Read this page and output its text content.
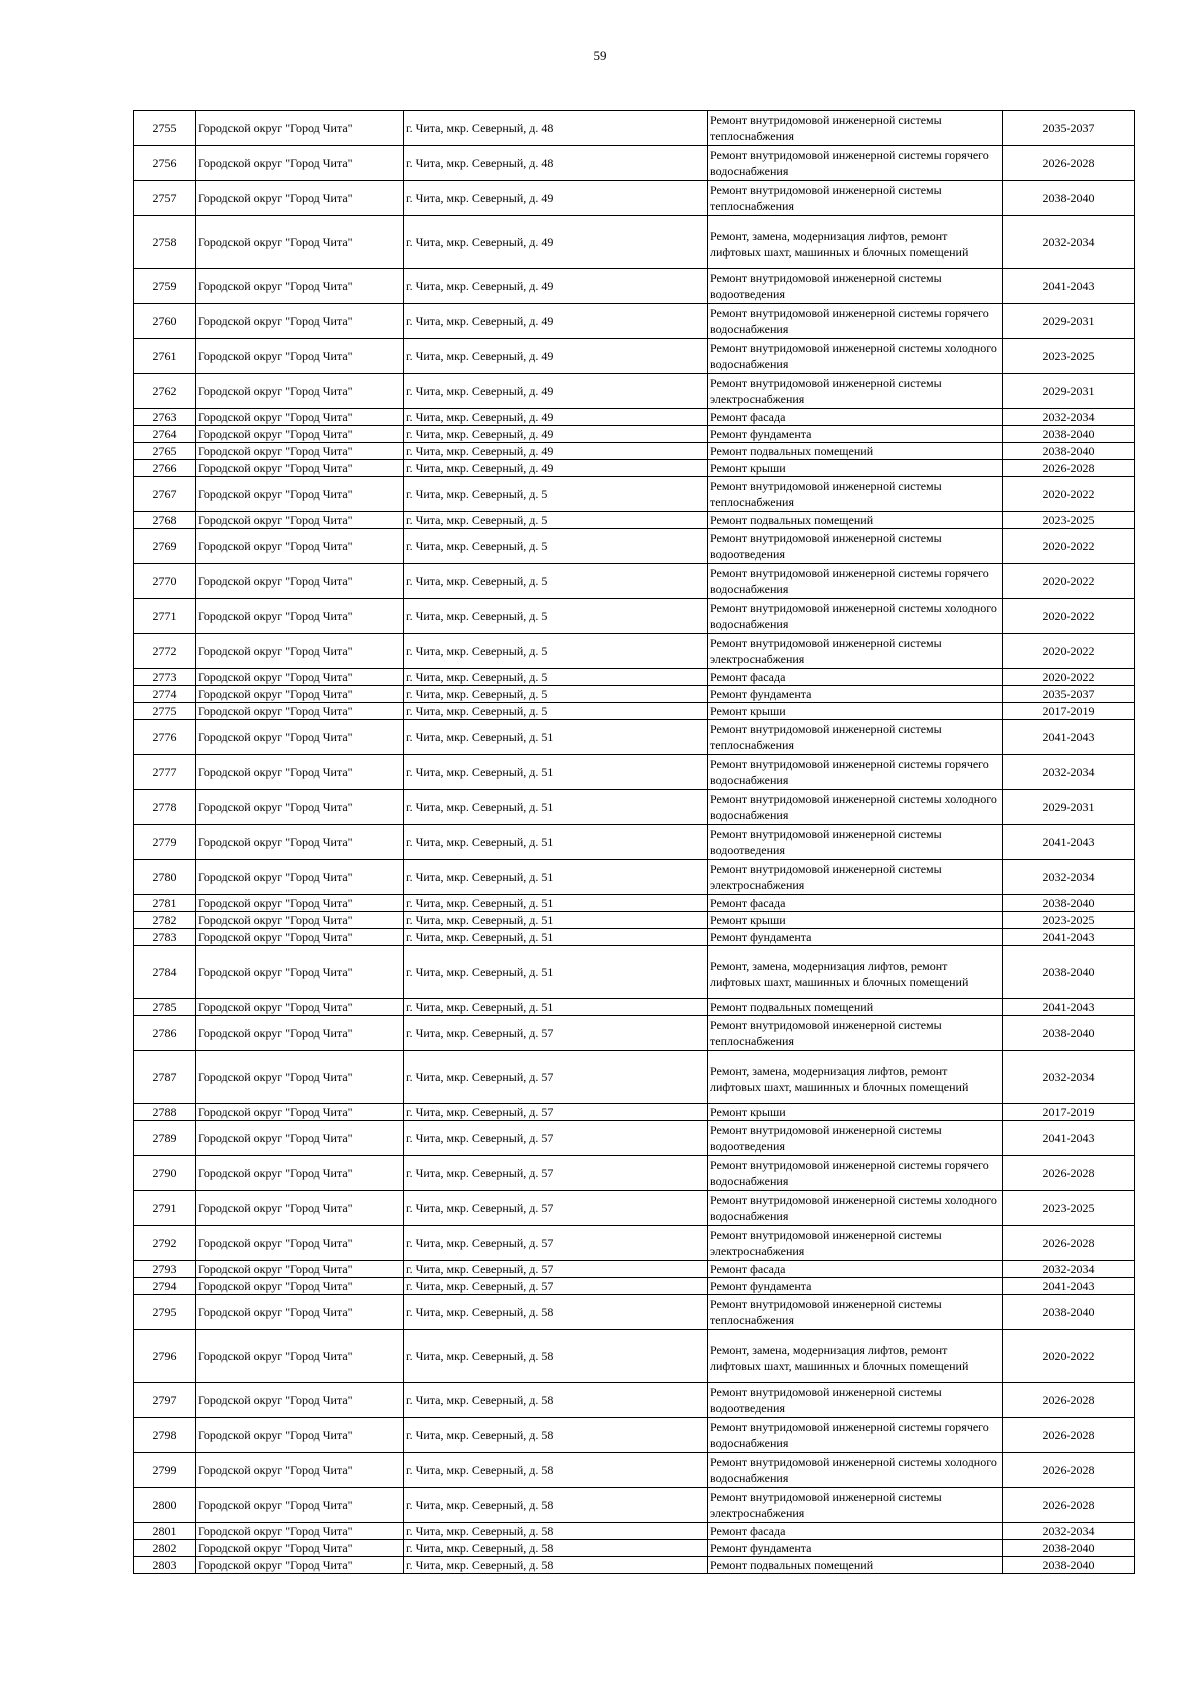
59
2755	Городской округ "Город Чита"	г. Чита, мкр. Северный, д. 48	Ремонт внутридомовой инженерной системы теплоснабжения	2035-2037
2756	Городской округ "Город Чита"	г. Чита, мкр. Северный, д. 48	Ремонт внутридомовой инженерной системы горячего водоснабжения	2026-2028
2757	Городской округ "Город Чита"	г. Чита, мкр. Северный, д. 49	Ремонт внутридомовой инженерной системы теплоснабжения	2038-2040
2758	Городской округ "Город Чита"	г. Чита, мкр. Северный, д. 49	Ремонт, замена, модернизация лифтов, ремонт лифтовых шахт, машинных и блочных помещений	2032-2034
2759	Городской округ "Город Чита"	г. Чита, мкр. Северный, д. 49	Ремонт внутридомовой инженерной системы водоотведения	2041-2043
2760	Городской округ "Город Чита"	г. Чита, мкр. Северный, д. 49	Ремонт внутридомовой инженерной системы горячего водоснабжения	2029-2031
2761	Городской округ "Город Чита"	г. Чита, мкр. Северный, д. 49	Ремонт внутридомовой инженерной системы холодного водоснабжения	2023-2025
2762	Городской округ "Город Чита"	г. Чита, мкр. Северный, д. 49	Ремонт внутридомовой инженерной системы электроснабжения	2029-2031
2763	Городской округ "Город Чита"	г. Чита, мкр. Северный, д. 49	Ремонт фасада	2032-2034
2764	Городской округ "Город Чита"	г. Чита, мкр. Северный, д. 49	Ремонт фундамента	2038-2040
2765	Городской округ "Город Чита"	г. Чита, мкр. Северный, д. 49	Ремонт подвальных помещений	2038-2040
2766	Городской округ "Город Чита"	г. Чита, мкр. Северный, д. 49	Ремонт крыши	2026-2028
2767	Городской округ "Город Чита"	г. Чита, мкр. Северный, д. 5	Ремонт внутридомовой инженерной системы теплоснабжения	2020-2022
2768	Городской округ "Город Чита"	г. Чита, мкр. Северный, д. 5	Ремонт подвальных помещений	2023-2025
2769	Городской округ "Город Чита"	г. Чита, мкр. Северный, д. 5	Ремонт внутридомовой инженерной системы водоотведения	2020-2022
2770	Городской округ "Город Чита"	г. Чита, мкр. Северный, д. 5	Ремонт внутридомовой инженерной системы горячего водоснабжения	2020-2022
2771	Городской округ "Город Чита"	г. Чита, мкр. Северный, д. 5	Ремонт внутридомовой инженерной системы холодного водоснабжения	2020-2022
2772	Городской округ "Город Чита"	г. Чита, мкр. Северный, д. 5	Ремонт внутридомовой инженерной системы электроснабжения	2020-2022
2773	Городской округ "Город Чита"	г. Чита, мкр. Северный, д. 5	Ремонт фасада	2020-2022
2774	Городской округ "Город Чита"	г. Чита, мкр. Северный, д. 5	Ремонт фундамента	2035-2037
2775	Городской округ "Город Чита"	г. Чита, мкр. Северный, д. 5	Ремонт крыши	2017-2019
2776	Городской округ "Город Чита"	г. Чита, мкр. Северный, д. 51	Ремонт внутридомовой инженерной системы теплоснабжения	2041-2043
2777	Городской округ "Город Чита"	г. Чита, мкр. Северный, д. 51	Ремонт внутридомовой инженерной системы горячего водоснабжения	2032-2034
2778	Городской округ "Город Чита"	г. Чита, мкр. Северный, д. 51	Ремонт внутридомовой инженерной системы холодного водоснабжения	2029-2031
2779	Городской округ "Город Чита"	г. Чита, мкр. Северный, д. 51	Ремонт внутридомовой инженерной системы водоотведения	2041-2043
2780	Городской округ "Город Чита"	г. Чита, мкр. Северный, д. 51	Ремонт внутридомовой инженерной системы электроснабжения	2032-2034
2781	Городской округ "Город Чита"	г. Чита, мкр. Северный, д. 51	Ремонт фасада	2038-2040
2782	Городской округ "Город Чита"	г. Чита, мкр. Северный, д. 51	Ремонт крыши	2023-2025
2783	Городской округ "Город Чита"	г. Чита, мкр. Северный, д. 51	Ремонт фундамента	2041-2043
2784	Городской округ "Город Чита"	г. Чита, мкр. Северный, д. 51	Ремонт, замена, модернизация лифтов, ремонт лифтовых шахт, машинных и блочных помещений	2038-2040
2785	Городской округ "Город Чита"	г. Чита, мкр. Северный, д. 51	Ремонт подвальных помещений	2041-2043
2786	Городской округ "Город Чита"	г. Чита, мкр. Северный, д. 57	Ремонт внутридомовой инженерной системы теплоснабжения	2038-2040
2787	Городской округ "Город Чита"	г. Чита, мкр. Северный, д. 57	Ремонт, замена, модернизация лифтов, ремонт лифтовых шахт, машинных и блочных помещений	2032-2034
2788	Городской округ "Город Чита"	г. Чита, мкр. Северный, д. 57	Ремонт крыши	2017-2019
2789	Городской округ "Город Чита"	г. Чита, мкр. Северный, д. 57	Ремонт внутридомовой инженерной системы водоотведения	2041-2043
2790	Городской округ "Город Чита"	г. Чита, мкр. Северный, д. 57	Ремонт внутридомовой инженерной системы горячего водоснабжения	2026-2028
2791	Городской округ "Город Чита"	г. Чита, мкр. Северный, д. 57	Ремонт внутридомовой инженерной системы холодного водоснабжения	2023-2025
2792	Городской округ "Город Чита"	г. Чита, мкр. Северный, д. 57	Ремонт внутридомовой инженерной системы электроснабжения	2026-2028
2793	Городской округ "Город Чита"	г. Чита, мкр. Северный, д. 57	Ремонт фасада	2032-2034
2794	Городской округ "Город Чита"	г. Чита, мкр. Северный, д. 57	Ремонт фундамента	2041-2043
2795	Городской округ "Город Чита"	г. Чита, мкр. Северный, д. 58	Ремонт внутридомовой инженерной системы теплоснабжения	2038-2040
2796	Городской округ "Город Чита"	г. Чита, мкр. Северный, д. 58	Ремонт, замена, модернизация лифтов, ремонт лифтовых шахт, машинных и блочных помещений	2020-2022
2797	Городской округ "Город Чита"	г. Чита, мкр. Северный, д. 58	Ремонт внутридомовой инженерной системы водоотведения	2026-2028
2798	Городской округ "Город Чита"	г. Чита, мкр. Северный, д. 58	Ремонт внутридомовой инженерной системы горячего водоснабжения	2026-2028
2799	Городской округ "Город Чита"	г. Чита, мкр. Северный, д. 58	Ремонт внутридомовой инженерной системы холодного водоснабжения	2026-2028
2800	Городской округ "Город Чита"	г. Чита, мкр. Северный, д. 58	Ремонт внутридомовой инженерной системы электроснабжения	2026-2028
2801	Городской округ "Город Чита"	г. Чита, мкр. Северный, д. 58	Ремонт фасада	2032-2034
2802	Городской округ "Город Чита"	г. Чита, мкр. Северный, д. 58	Ремонт фундамента	2038-2040
2803	Городской округ "Город Чита"	г. Чита, мкр. Северный, д. 58	Ремонт подвальных помещений	2038-2040
